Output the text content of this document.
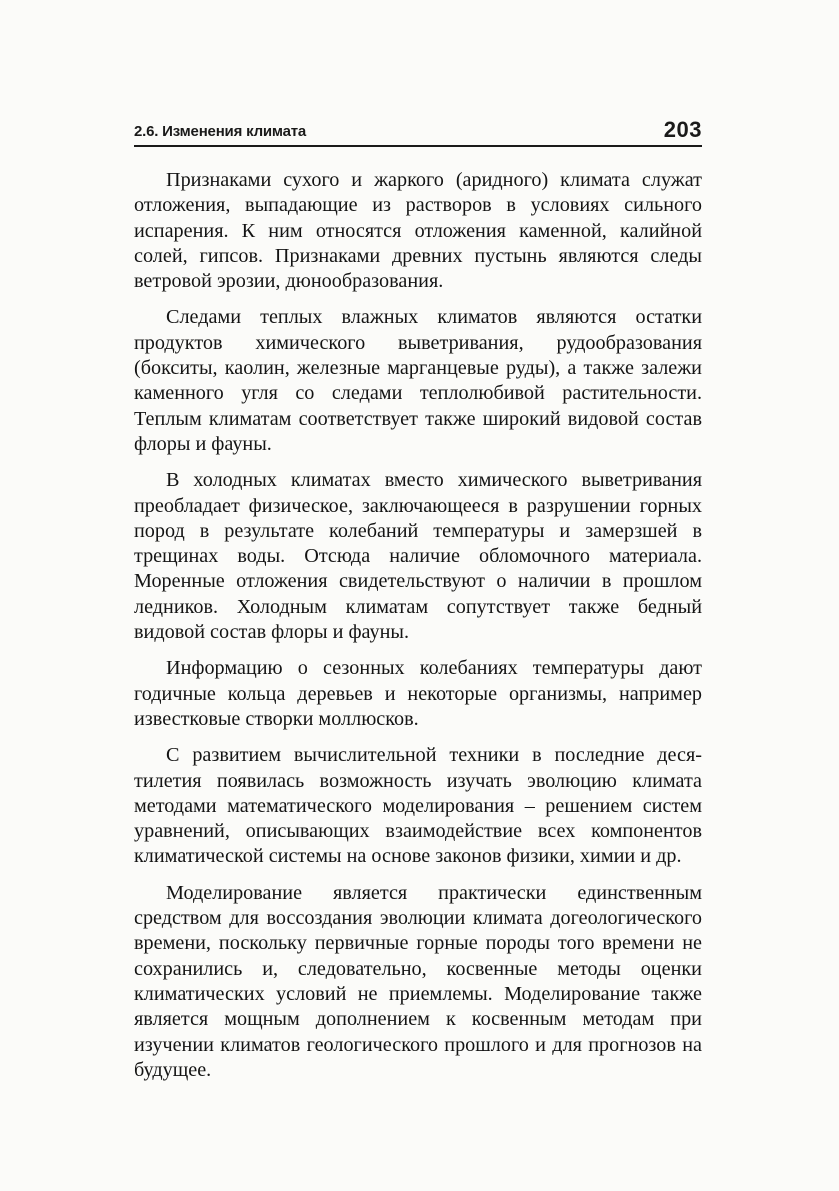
2.6. Изменения климата	203

Признаками сухого и жаркого (аридного) климата служат отложения, выпадающие из растворов в условиях сильного испарения. К ним относятся отложения каменной, калийной солей, гипсов. Признаками древних пустынь являются следы ветровой эрозии, дюнообразования.

Следами теплых влажных климатов являются остатки продуктов химического выветривания, рудообразования (бокситы, каолин, железные марганцевые руды), а также залежи каменного угля со следами теплолюбивой растительности. Теплым климатам соответствует также широкий видовой состав флоры и фауны.

В холодных климатах вместо химического выветривания преобладает физическое, заключающееся в разрушении горных пород в результате колебаний температуры и замерзшей в трещинах воды. Отсюда наличие обломочного материала. Моренные отложения свидетельствуют о наличии в прошлом ледников. Холодным климатам сопутствует также бедный видовой состав флоры и фауны.

Информацию о сезонных колебаниях температуры дают годичные кольца деревьев и некоторые организмы, например известковые створки моллюсков.

С развитием вычислительной техники в последние десятилетия появилась возможность изучать эволюцию климата методами математического моделирования – решением систем уравнений, описывающих взаимодействие всех компонентов климатической системы на основе законов физики, химии и др.

Моделирование является практически единственным средством для воссоздания эволюции климата догеологического времени, поскольку первичные горные породы того времени не сохранились и, следовательно, косвенные методы оценки климатических условий не приемлемы. Моделирование также является мощным дополнением к косвенным методам при изучении климатов геологического прошлого и для прогнозов на будущее.
